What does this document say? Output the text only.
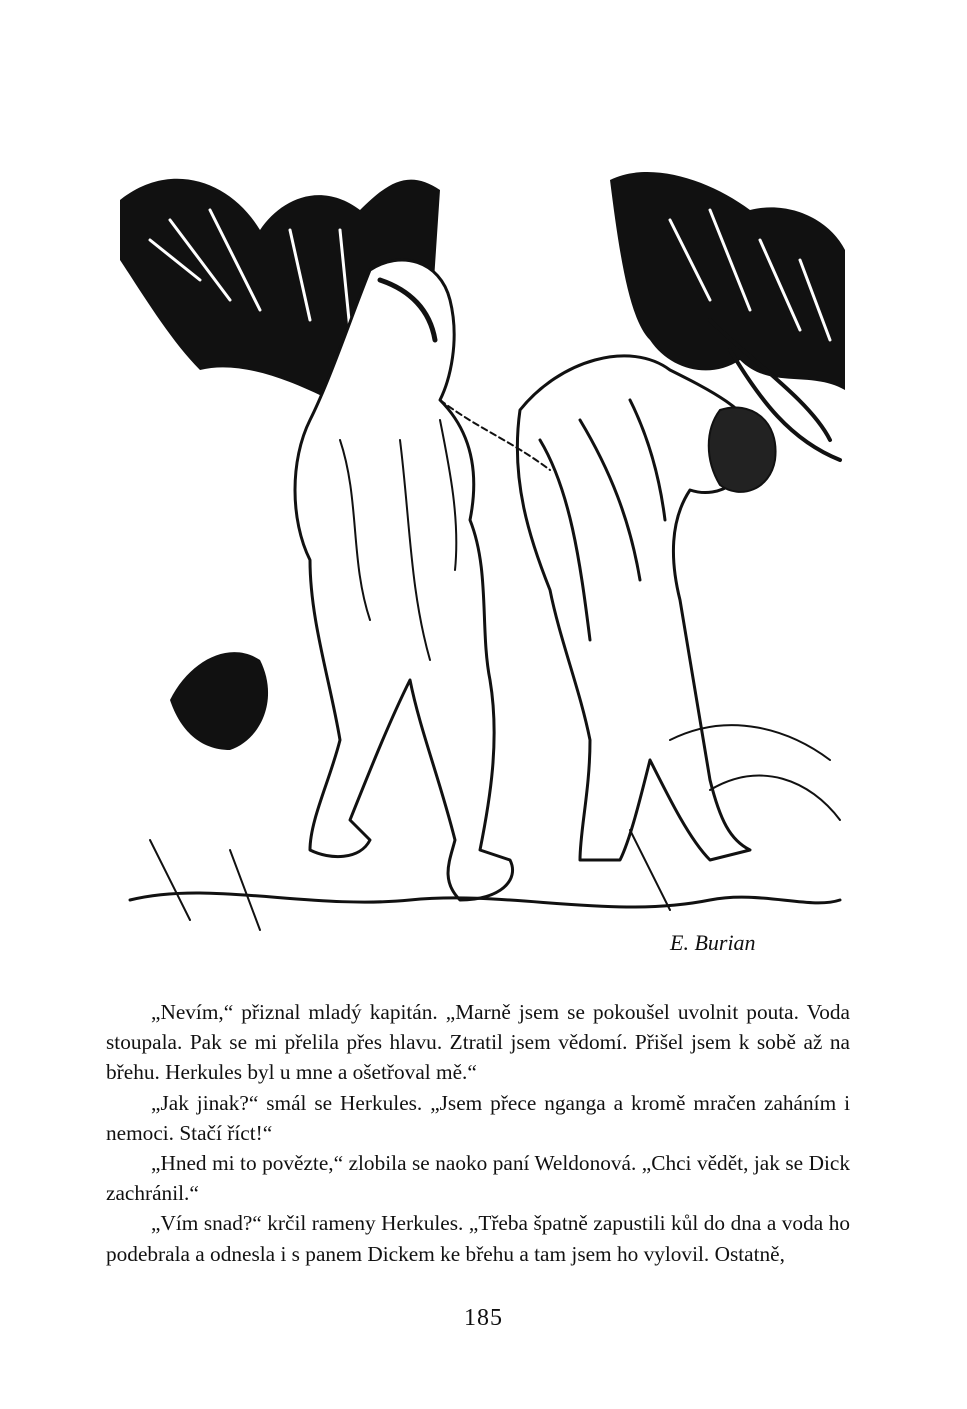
E. Burian

„Nevím,“ přiznal mladý kapitán. „Marně jsem se pokoušel uvolnit pouta. Voda stoupala. Pak se mi přelila přes hlavu. Ztratil jsem vědomí. Přišel jsem k sobě až na břehu. Herkules byl u mne a ošetřoval mě.“

„Jak jinak?“ smál se Herkules. „Jsem přece nganga a kromě mračen zaháním i nemoci. Stačí říct!“

„Hned mi to povězte,“ zlobila se naoko paní Weldonová. „Chci vědět, jak se Dick zachránil.“

„Vím snad?“ krčil rameny Herkules. „Třeba špatně zapustili kůl do dna a voda ho podebrala a odnesla i s panem Dickem ke břehu a tam jsem ho vylovil. Ostatně,

185
